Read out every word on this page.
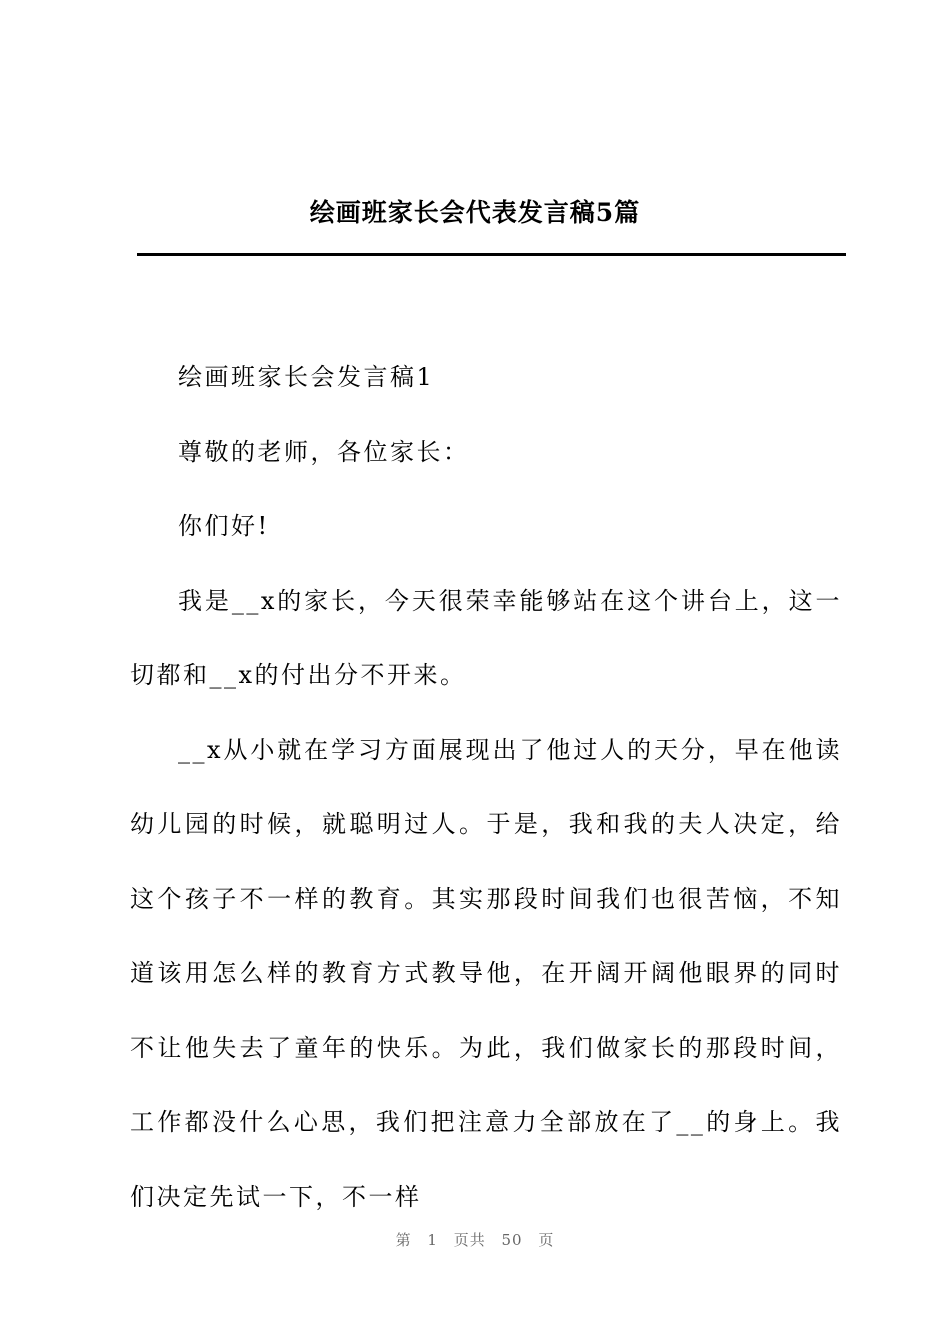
绘画班家长会代表发言稿5篇

绘画班家长会发言稿1

尊敬的老师，各位家长：

你们好!

我是__x的家长，今天很荣幸能够站在这个讲台上，这一切都和__x的付出分不开来。

__x从小就在学习方面展现出了他过人的天分，早在他读幼儿园的时候，就聪明过人。于是，我和我的夫人决定，给这个孩子不一样的教育。其实那段时间我们也很苦恼，不知道该用怎么样的教育方式教导他，在开阔开阔他眼界的同时不让他失去了童年的快乐。为此，我们做家长的那段时间，工作都没什么心思，我们把注意力全部放在了__的身上。我们决定先试一下，不一样

第 1 页共 50 页
